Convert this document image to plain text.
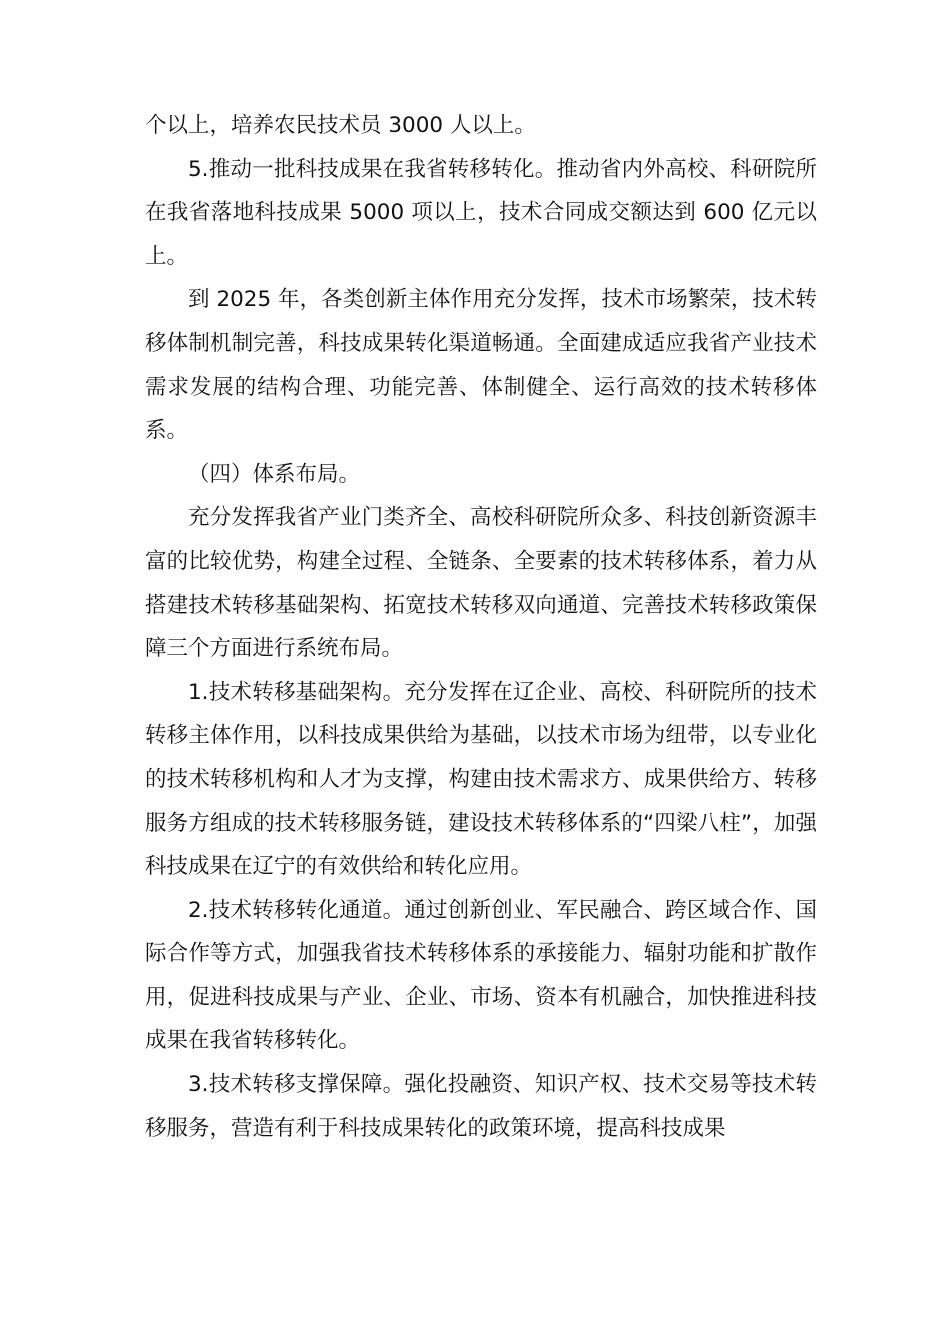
个以上，培养农民技术员 3000 人以上。

5.推动一批科技成果在我省转移转化。推动省内外高校、科研院所在我省落地科技成果 5000 项以上，技术合同成交额达到 600 亿元以上。

到 2025 年，各类创新主体作用充分发挥，技术市场繁荣，技术转移体制机制完善，科技成果转化渠道畅通。全面建成适应我省产业技术需求发展的结构合理、功能完善、体制健全、运行高效的技术转移体系。

（四）体系布局。

充分发挥我省产业门类齐全、高校科研院所众多、科技创新资源丰富的比较优势，构建全过程、全链条、全要素的技术转移体系，着力从搭建技术转移基础架构、拓宽技术转移双向通道、完善技术转移政策保障三个方面进行系统布局。

1.技术转移基础架构。充分发挥在辽企业、高校、科研院所的技术转移主体作用，以科技成果供给为基础，以技术市场为纽带，以专业化的技术转移机构和人才为支撑，构建由技术需求方、成果供给方、转移服务方组成的技术转移服务链，建设技术转移体系的“四梁八柱”，加强科技成果在辽宁的有效供给和转化应用。

2.技术转移转化通道。通过创新创业、军民融合、跨区域合作、国际合作等方式，加强我省技术转移体系的承接能力、辐射功能和扩散作用，促进科技成果与产业、企业、市场、资本有机融合，加快推进科技成果在我省转移转化。

3.技术转移支撑保障。强化投融资、知识产权、技术交易等技术转移服务，营造有利于科技成果转化的政策环境，提高科技成果
